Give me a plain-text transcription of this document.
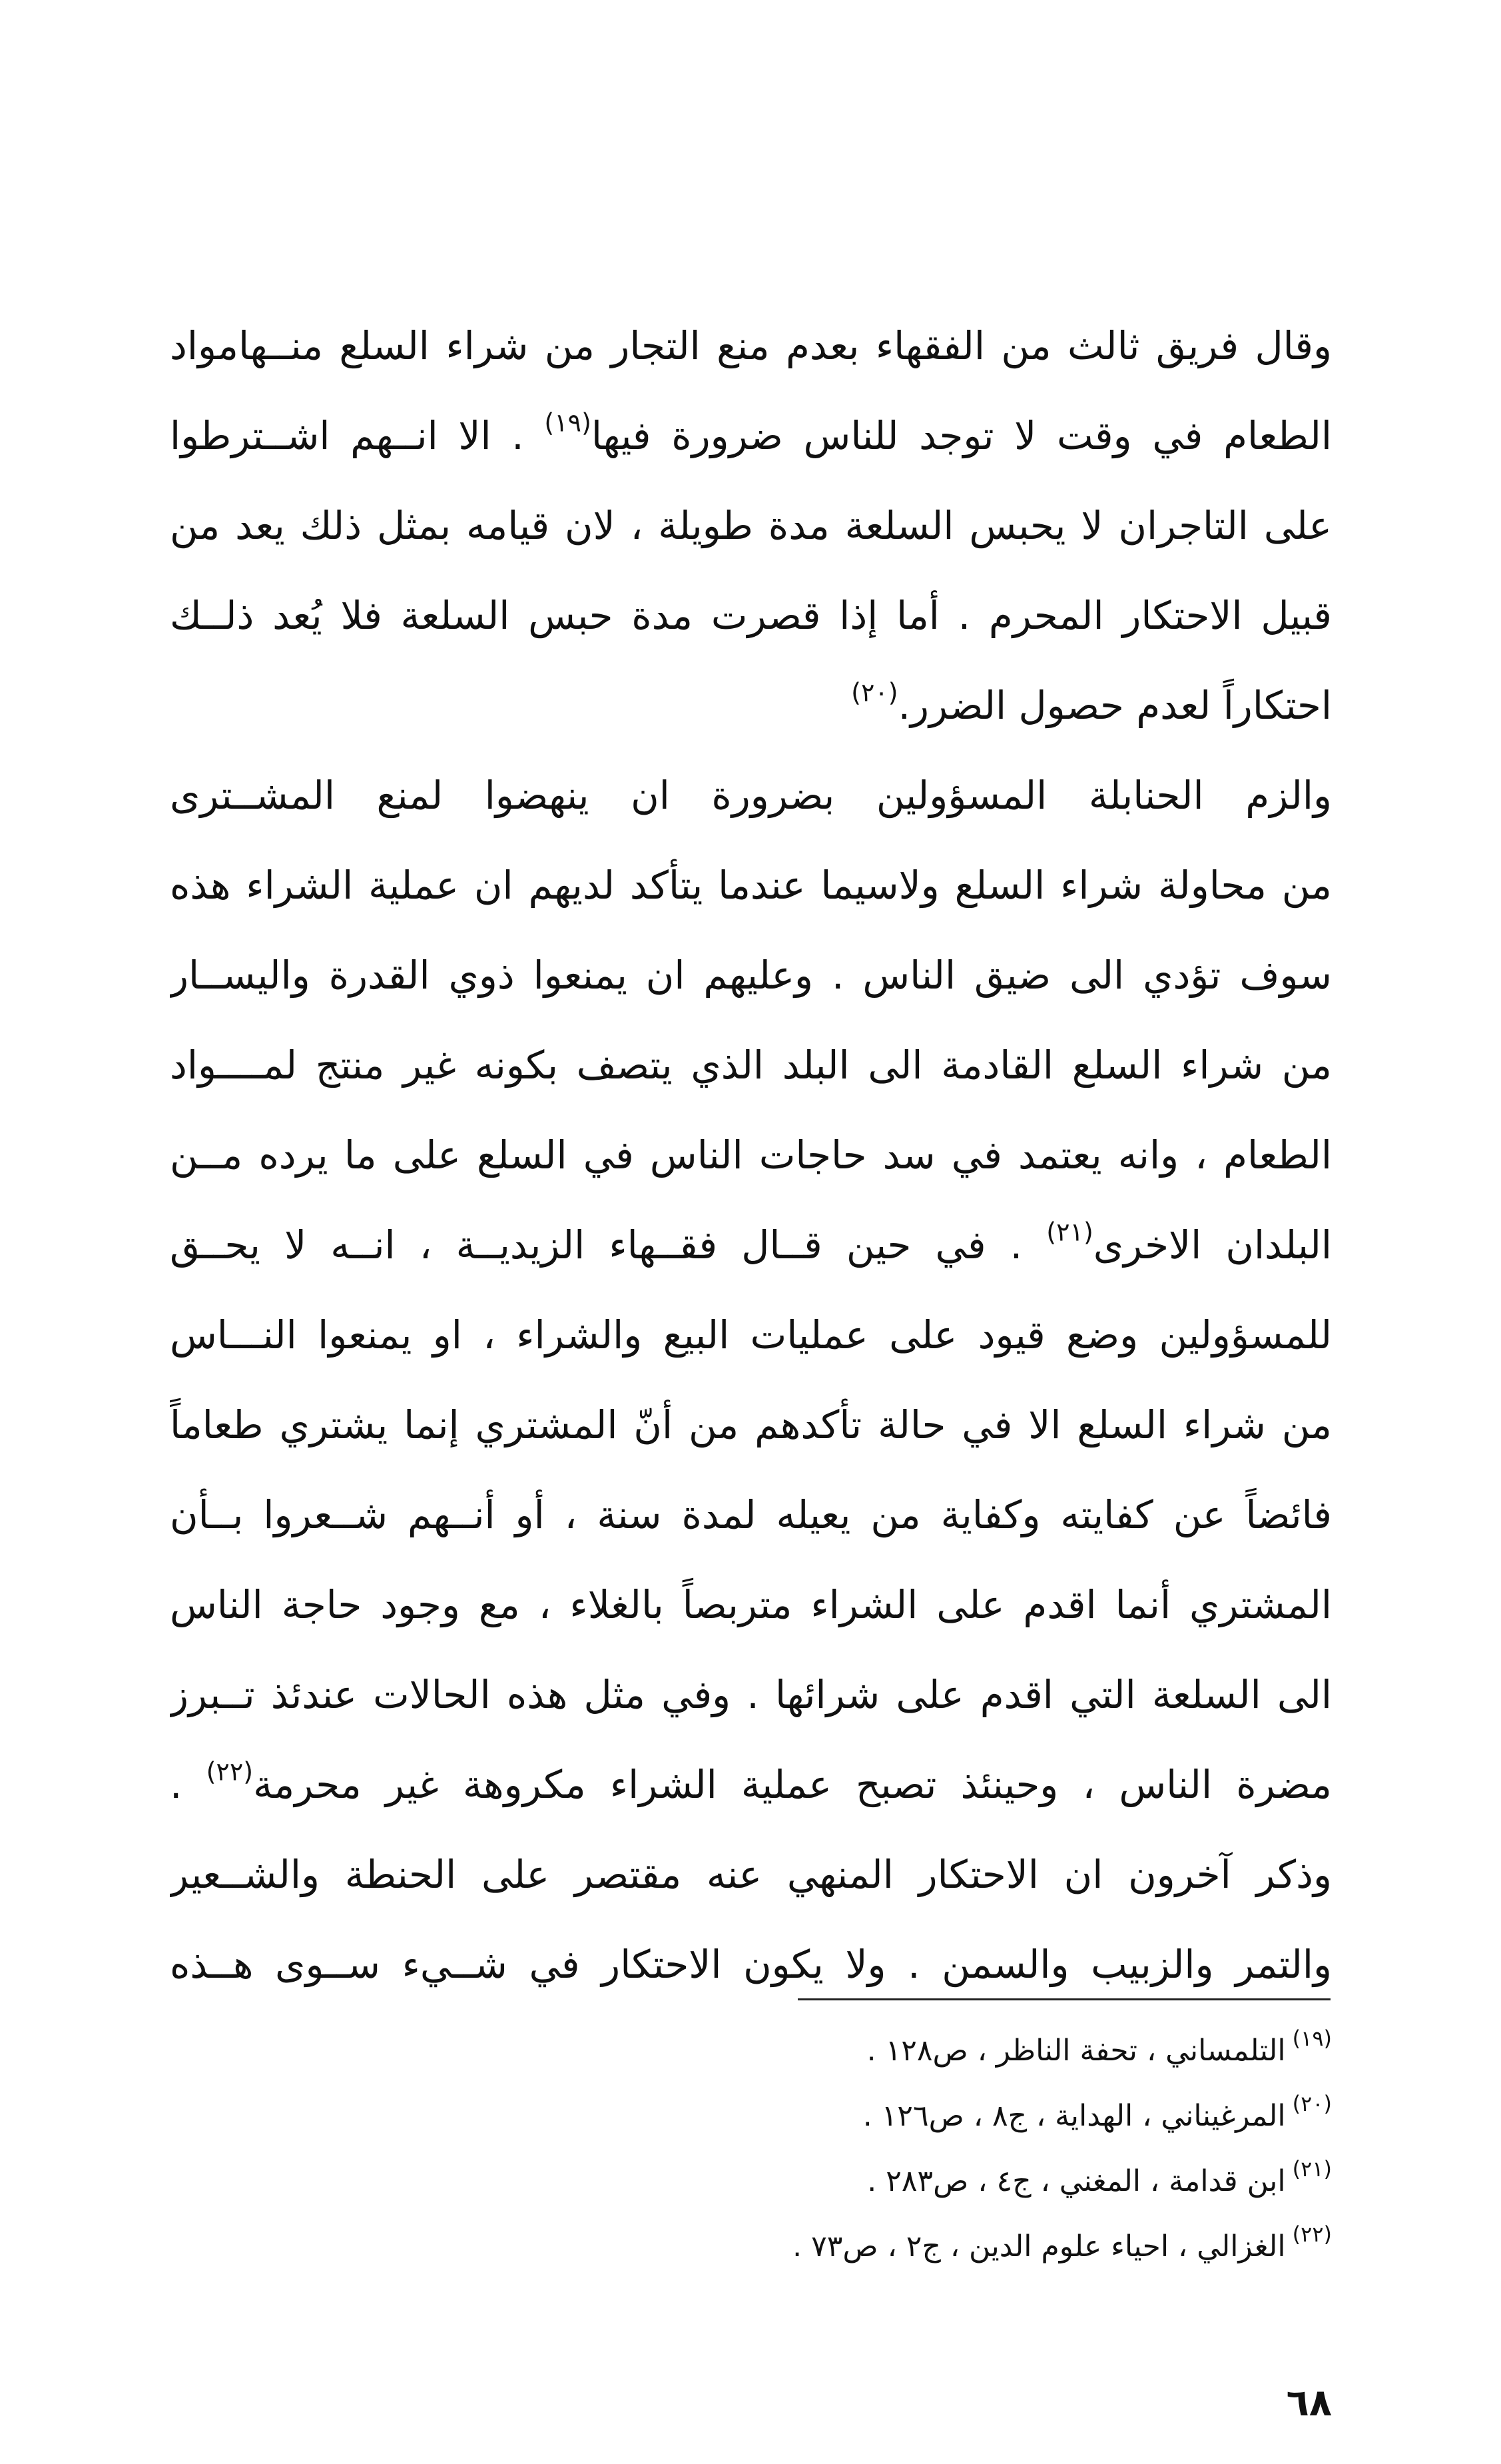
وقال فريق ثالث من الفقهاء بعدم منع التجار من شراء السلع منــهامواد
الطعام في وقت لا توجد للناس ضرورة فيها$^{(١٩)}$ . الا انــهم اشــترطوا
على التاجران لا يحبس السلعة مدة طويلة ، لان قيامه بمثل ذلك يعد من
قبيل الاحتكار المحرم . أما إذا قصرت مدة حبس السلعة فلا يُعد ذلــك
احتكاراً لعدم حصول الضرر.$^{(٢٠)}$
والزم الحنابلة المسؤولين بضرورة ان ينهضوا لمنع المشــترى
من محاولة شراء السلع ولاسيما عندما يتأكد لديهم ان عملية الشراء هذه
سوف تؤدي الى ضيق الناس . وعليهم ان يمنعوا ذوي القدرة واليســار
من شراء السلع القادمة الى البلد الذي يتصف بكونه غير منتج لمــــواد
الطعام ، وانه يعتمد في سد حاجات الناس في السلع على ما يرده مــن
البلدان الاخرى$^{(٢١)}$ . في حين قــال فقــهاء الزيديــة ، انــه لا يحــق
للمسؤولين وضع قيود على عمليات البيع والشراء ، او يمنعوا النـــاس
من شراء السلع الا في حالة تأكدهم من أنّ المشتري إنما يشتري طعاماً
فائضاً عن كفايته وكفاية من يعيله لمدة سنة ، أو أنــهم شــعروا بــأن
المشتري أنما اقدم على الشراء متربصاً بالغلاء ، مع وجود حاجة الناس
الى السلعة التي اقدم على شرائها . وفي مثل هذه الحالات عندئذ تــبرز
مضرة الناس ، وحينئذ تصبح عملية الشراء مكروهة غير محرمة$^{(٢٢)}$ .
وذكر آخرون ان الاحتكار المنهي عنه مقتصر على الحنطة والشــعير
والتمر والزبيب والسمن . ولا يكون الاحتكار في شــيء ســوى هــذه
$^{(١٩)}$التلمساني ، تحفة الناظر ، ص١٢٨ .
$^{(٢٠)}$المرغيناني ، الهداية ، ج٨ ، ص١٢٦ .
$^{(٢١)}$ابن قدامة ، المغني ، ج٤ ، ص٢٨٣ .
$^{(٢٢)}$الغزالي ، احياء علوم الدين ، ج٢ ، ص٧٣ .
٦٨
